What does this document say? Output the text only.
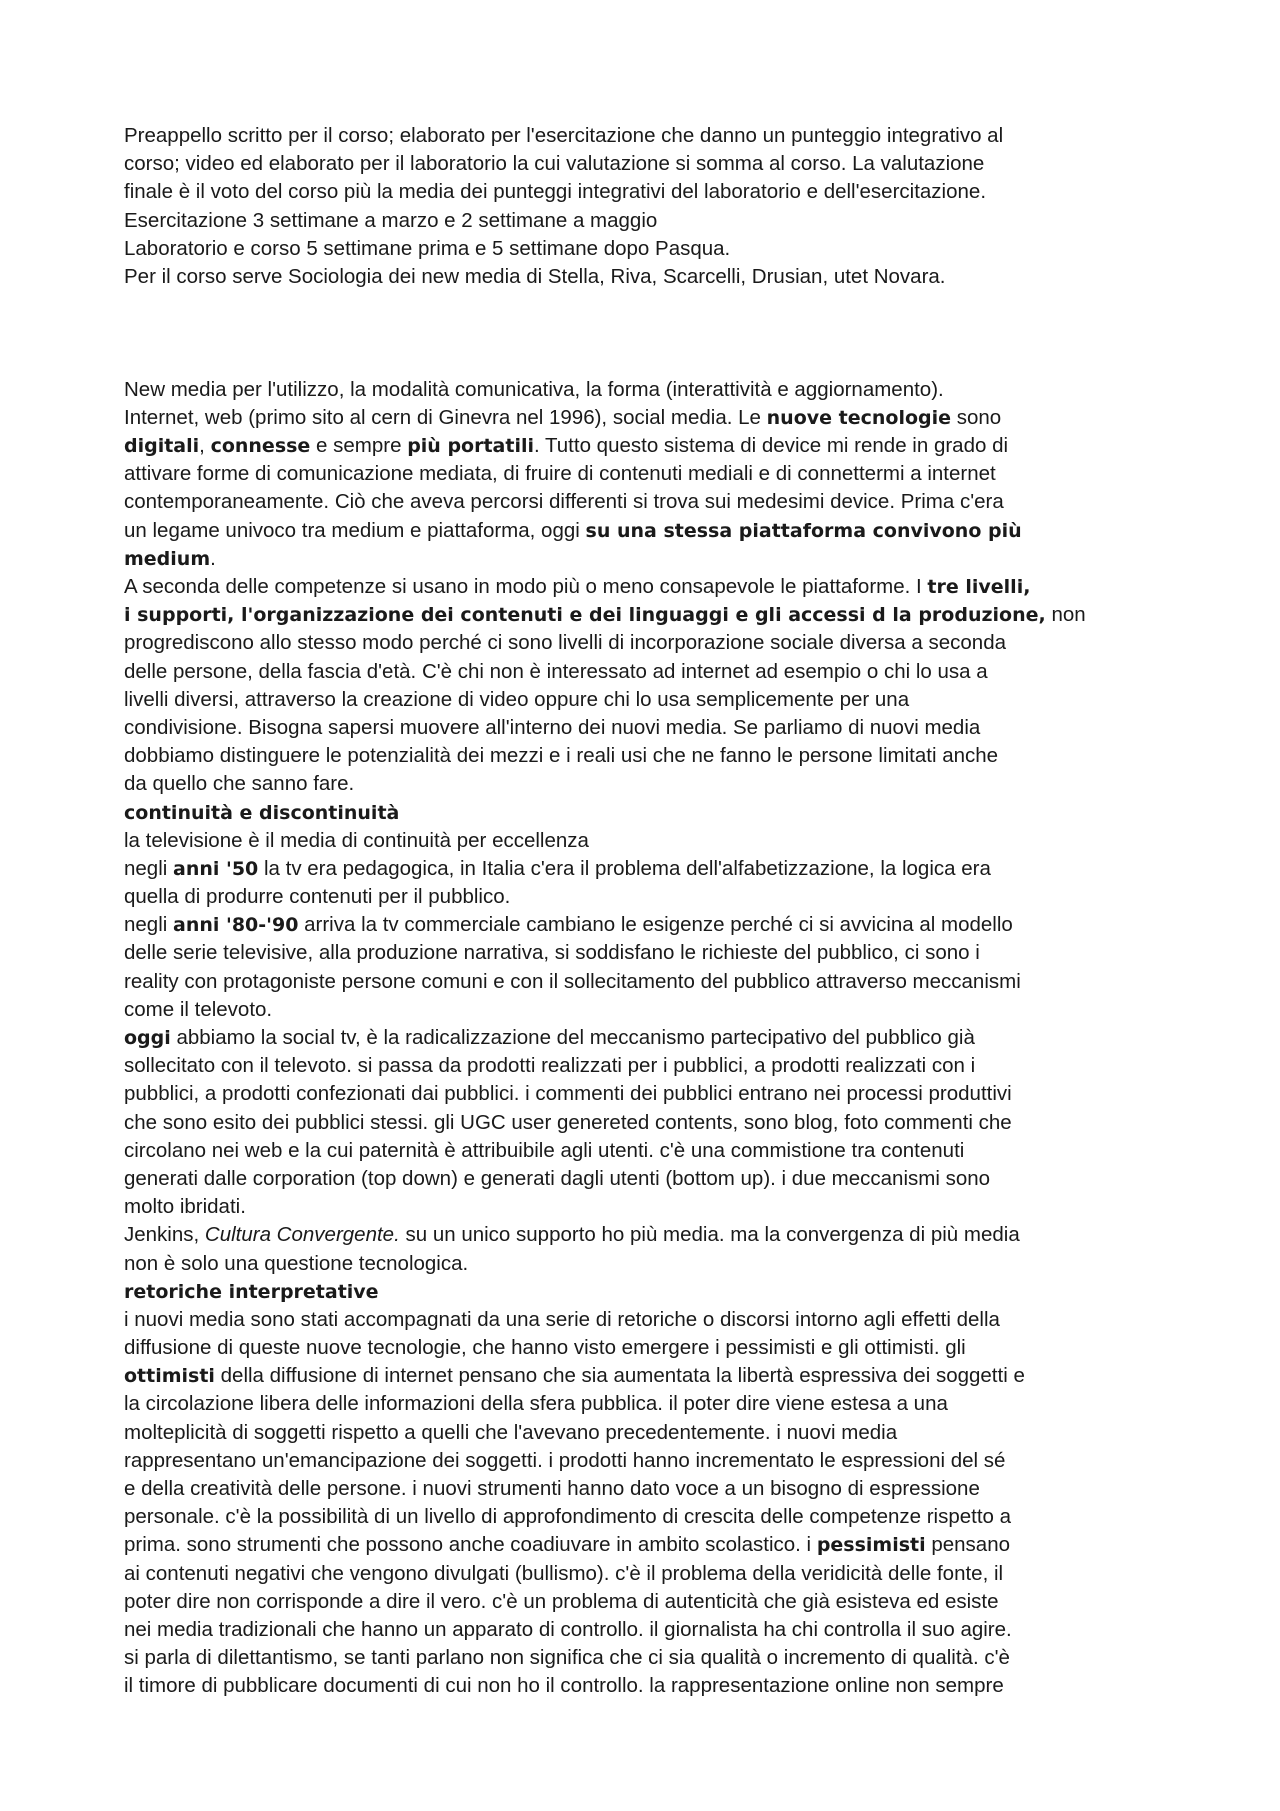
Preappello scritto per il corso; elaborato per l'esercitazione che danno un punteggio integrativo al
corso; video ed elaborato per il laboratorio la cui valutazione si somma al corso. La valutazione
finale è il voto del corso più la media dei punteggi integrativi del laboratorio e dell'esercitazione.
Esercitazione 3 settimane a marzo e 2 settimane a maggio
Laboratorio e corso 5 settimane prima e 5 settimane dopo Pasqua.
Per il corso serve Sociologia dei new media di Stella, Riva, Scarcelli, Drusian, utet Novara.
New media per l'utilizzo, la modalità comunicativa, la forma (interattività e aggiornamento).
Internet, web (primo sito al cern di Ginevra nel 1996), social media. Le nuove tecnologie sono
digitali, connesse e sempre più portatili. Tutto questo sistema di device mi rende in grado di
attivare forme di comunicazione mediata, di fruire di contenuti mediali e di connettermi a internet
contemporaneamente. Ciò che aveva percorsi differenti si trova sui medesimi device. Prima c'era
un legame univoco tra medium e piattaforma, oggi su una stessa piattaforma convivono più
medium.
A seconda delle competenze si usano in modo più o meno consapevole le piattaforme. I tre livelli,
i supporti, l'organizzazione dei contenuti e dei linguaggi e gli accessi d la produzione, non
progrediscono allo stesso modo perché ci sono livelli di incorporazione sociale diversa a seconda
delle persone, della fascia d'età. C'è chi non è interessato ad internet ad esempio o chi lo usa a
livelli diversi, attraverso la creazione di video oppure chi lo usa semplicemente per una
condivisione. Bisogna sapersi muovere all'interno dei nuovi media. Se parliamo di nuovi media
dobbiamo distinguere le potenzialità dei mezzi e i reali usi che ne fanno le persone limitati anche
da quello che sanno fare.
continuità e discontinuità
la televisione è il media di continuità per eccellenza
negli anni '50 la tv era pedagogica, in Italia c'era il problema dell'alfabetizzazione, la logica era
quella di produrre contenuti per il pubblico.
negli anni '80-'90 arriva la tv commerciale cambiano le esigenze perché ci si avvicina al modello
delle serie televisive, alla produzione narrativa, si soddisfano le richieste del pubblico, ci sono i
reality con protagoniste persone comuni e con il sollecitamento del pubblico attraverso meccanismi
come il televoto.
oggi abbiamo la social tv, è la radicalizzazione del meccanismo partecipativo del pubblico già
sollecitato con il televoto. si passa da prodotti realizzati per i pubblici, a prodotti realizzati con i
pubblici, a prodotti confezionati dai pubblici. i commenti dei pubblici entrano nei processi produttivi
che sono esito dei pubblici stessi. gli UGC user genereted contents, sono blog, foto commenti che
circolano nei web e la cui paternità è attribuibile agli utenti. c'è una commistione tra contenuti
generati dalle corporation (top down) e generati dagli utenti (bottom up). i due meccanismi sono
molto ibridati.
Jenkins, Cultura Convergente. su un unico supporto ho più media. ma la convergenza di più media
non è solo una questione tecnologica.
retoriche interpretative
i nuovi media sono stati accompagnati da una serie di retoriche o discorsi intorno agli effetti della
diffusione di queste nuove tecnologie, che hanno visto emergere i pessimisti e gli ottimisti. gli
ottimisti della diffusione di internet pensano che sia aumentata la libertà espressiva dei soggetti e
la circolazione libera delle informazioni della sfera pubblica. il poter dire viene estesa a una
molteplicità di soggetti rispetto a quelli che l'avevano precedentemente. i nuovi media
rappresentano un'emancipazione dei soggetti. i prodotti hanno incrementato le espressioni del sé
e della creatività delle persone. i nuovi strumenti hanno dato voce a un bisogno di espressione
personale. c'è la possibilità di un livello di approfondimento di crescita delle competenze rispetto a
prima. sono strumenti che possono anche coadiuvare in ambito scolastico. i pessimisti pensano
ai contenuti negativi che vengono divulgati (bullismo). c'è il problema della veridicità delle fonte, il
poter dire non corrisponde a dire il vero. c'è un problema di autenticità che già esisteva ed esiste
nei media tradizionali che hanno un apparato di controllo. il giornalista ha chi controlla il suo agire.
si parla di dilettantismo, se tanti parlano non significa che ci sia qualità o incremento di qualità. c'è
il timore di pubblicare documenti di cui non ho il controllo. la rappresentazione online non sempre
